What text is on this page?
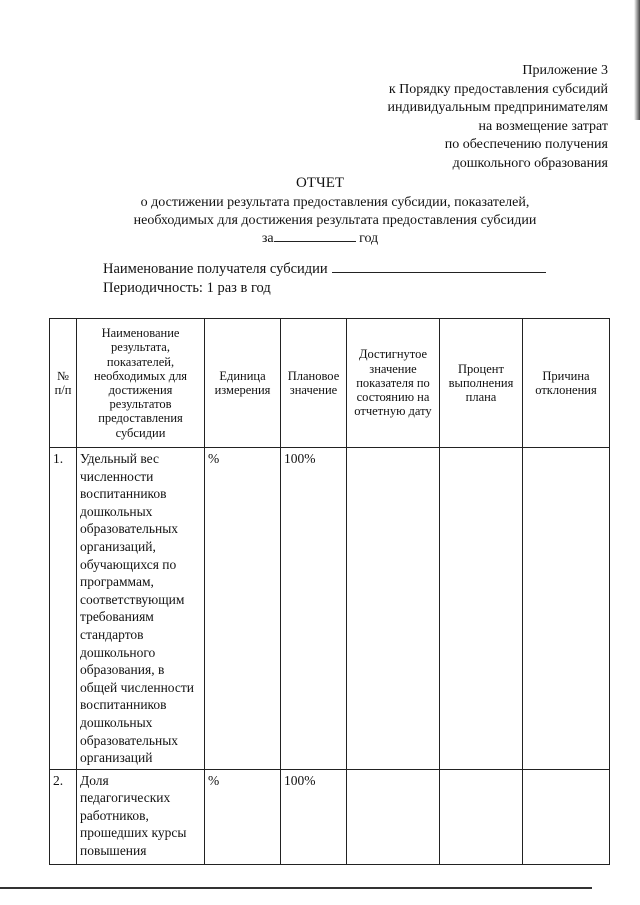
Приложение 3
к Порядку предоставления субсидий
индивидуальным предпринимателям
на возмещение затрат
по обеспечению получения
дошкольного образования
ОТЧЕТ
о достижении результата предоставления субсидии, показателей,
необходимых для достижения результата предоставления субсидии
за	год
Наименование получателя субсидии
Периодичность: 1 раз в год
№ п/п	Наименование результата, показателей, необходимых для достижения результатов предоставления субсидии	Единица измерения	Плановое значение	Достигнутое значение показателя по состоянию на отчетную дату	Процент выполнения плана	Причина отклонения
1.	Удельный вес численности воспитанников дошкольных образовательных организаций, обучающихся по программам, соответствующим требованиям стандартов дошкольного образования, в общей численности воспитанников дошкольных образовательных организаций	%	100%			
2.	Доля педагогических работников, прошедших курсы повышения	%	100%			
